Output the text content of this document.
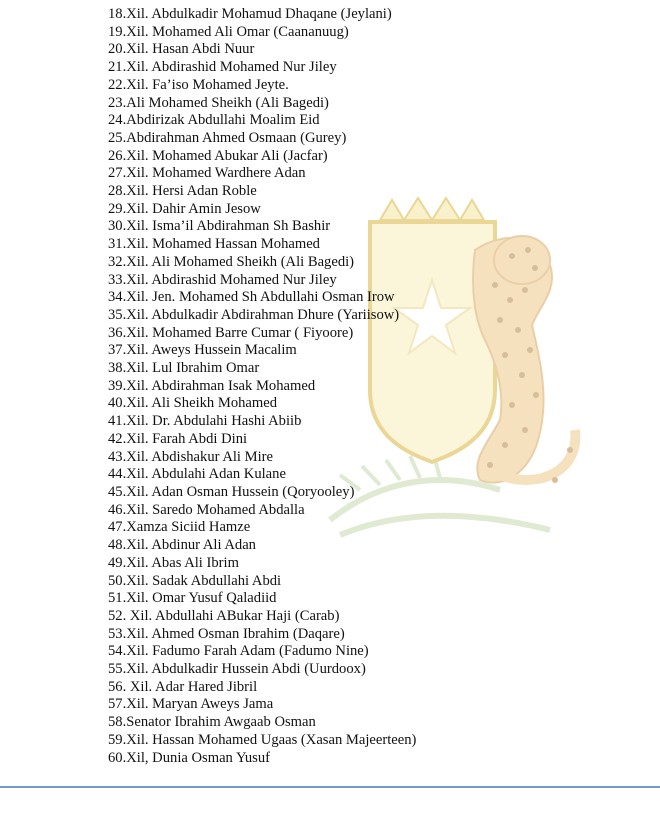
18.Xil. Abdulkadir Mohamud Dhaqane (Jeylani)
19.Xil. Mohamed Ali Omar (Caananuug)
20.Xil. Hasan Abdi Nuur
21.Xil. Abdirashid Mohamed Nur Jiley
22.Xil. Fa’iso Mohamed Jeyte.
23.Ali Mohamed Sheikh (Ali Bagedi)
24.Abdirizak Abdullahi Moalim Eid
25.Abdirahman Ahmed Osmaan (Gurey)
26.Xil. Mohamed Abukar Ali (Jacfar)
27.Xil. Mohamed Wardhere Adan
28.Xil. Hersi Adan Roble
29.Xil. Dahir Amin Jesow
30.Xil. Isma’il Abdirahman Sh Bashir
31.Xil. Mohamed Hassan Mohamed
32.Xil. Ali Mohamed Sheikh (Ali Bagedi)
33.Xil. Abdirashid Mohamed Nur Jiley
34.Xil. Jen. Mohamed Sh Abdullahi Osman Irow
35.Xil. Abdulkadir Abdirahman Dhure (Yariisow)
36.Xil. Mohamed Barre Cumar ( Fiyoore)
37.Xil. Aweys Hussein Macalim
38.Xil. Lul Ibrahim Omar
39.Xil. Abdirahman Isak Mohamed
40.Xil. Ali Sheikh Mohamed
41.Xil. Dr. Abdulahi Hashi Abiib
42.Xil. Farah Abdi Dini
43.Xil. Abdishakur Ali Mire
44.Xil. Abdulahi Adan Kulane
45.Xil. Adan Osman Hussein (Qoryooley)
46.Xil. Saredo Mohamed Abdalla
47.Xamza Siciid Hamze
48.Xil. Abdinur Ali Adan
49.Xil. Abas Ali Ibrim
50.Xil. Sadak Abdullahi Abdi
51.Xil. Omar Yusuf Qaladiid
52. Xil. Abdullahi ABukar Haji (Carab)
53.Xil. Ahmed Osman Ibrahim (Daqare)
54.Xil. Fadumo Farah Adam (Fadumo Nine)
55.Xil. Abdulkadir Hussein Abdi (Uurdoox)
56. Xil. Adar Hared Jibril
57.Xil. Maryan Aweys Jama
58.Senator Ibrahim Awgaab Osman
59.Xil. Hassan Mohamed Ugaas (Xasan Majeerteen)
60.Xil, Dunia Osman Yusuf
